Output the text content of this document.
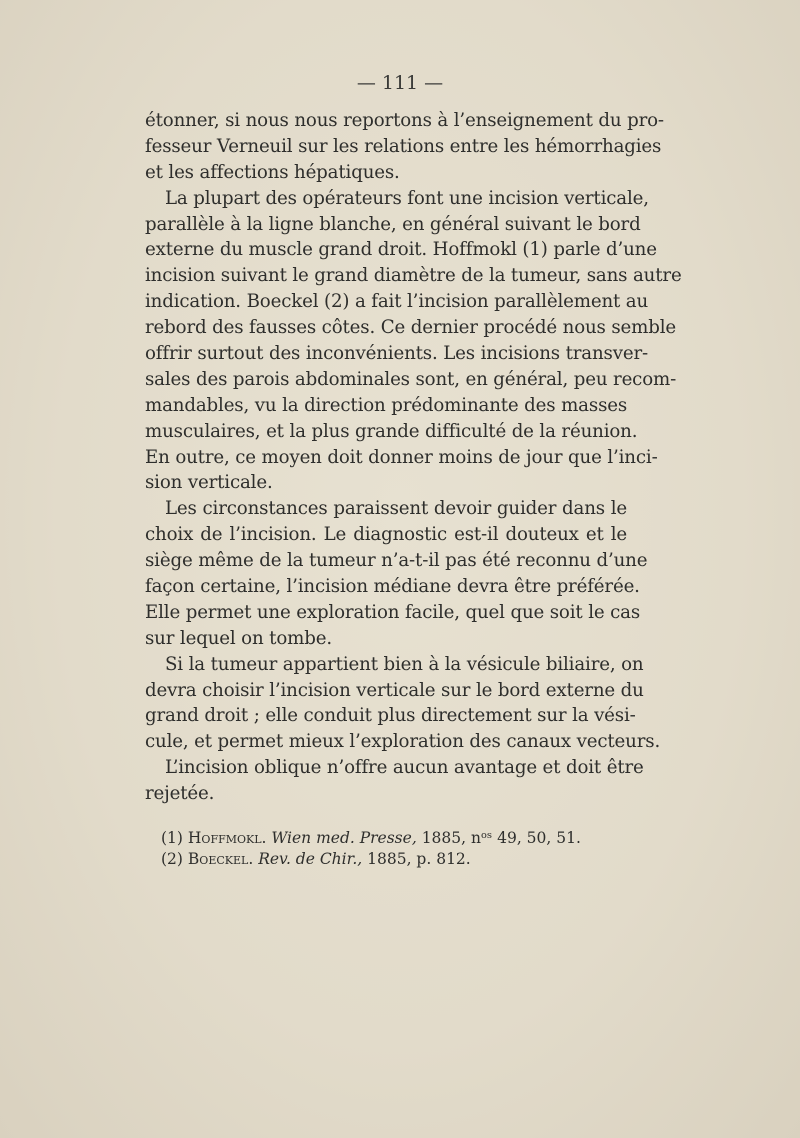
— 111 —
étonner, si nous nous reportons à l’enseignement du pro-
fesseur Verneuil sur les relations entre les hémorrhagies
et les affections hépatiques.
La plupart des opérateurs font une incision verticale,
parallèle à la ligne blanche, en général suivant le bord
externe du muscle grand droit. Hoffmokl (1) parle d’une
incision suivant le grand diamètre de la tumeur, sans autre
indication. Boeckel (2) a fait l’incision parallèlement au
rebord des fausses côtes. Ce dernier procédé nous semble
offrir surtout des inconvénients. Les incisions transver-
sales des parois abdominales sont, en général, peu recom-
mandables, vu la direction prédominante des masses
musculaires, et la plus grande difficulté de la réunion.
En outre, ce moyen doit donner moins de jour que l’inci-
sion verticale.
Les circonstances paraissent devoir guider dans le
choix de l’incision. Le diagnostic est-il douteux et le
siège même de la tumeur n’a-t-il pas été reconnu d’une
façon certaine, l’incision médiane devra être préférée.
Elle permet une exploration facile, quel que soit le cas
sur lequel on tombe.
Si la tumeur appartient bien à la vésicule biliaire, on
devra choisir l’incision verticale sur le bord externe du
grand droit ; elle conduit plus directement sur la vési-
cule, et permet mieux l’exploration des canaux vecteurs.
L’incision oblique n’offre aucun avantage et doit être
rejetée.
(1) Hoffmokl. Wien med. Presse, 1885, nᵒˢ 49, 50, 51.
(2) Boeckel. Rev. de Chir., 1885, p. 812.
